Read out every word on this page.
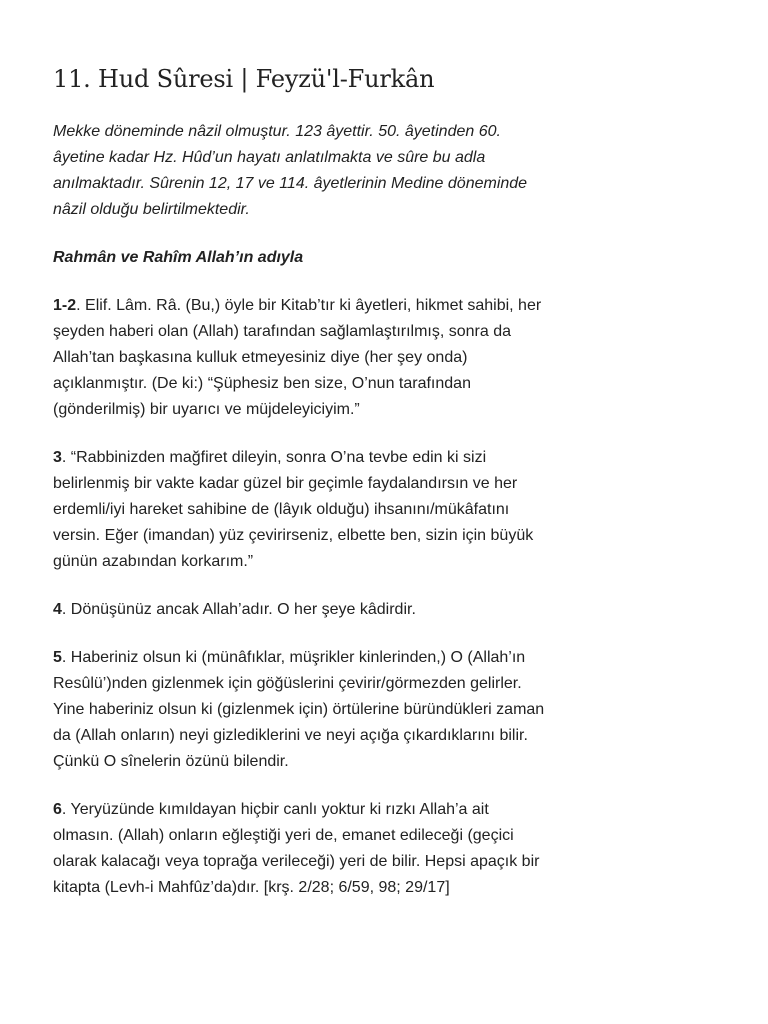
11. Hud Sûresi | Feyzü'l-Furkân

Mekke döneminde nâzil olmuştur. 123 âyettir. 50. âyetinden 60. âyetine kadar Hz. Hûd’un hayatı anlatılmakta ve sûre bu adla anılmaktadır. Sûrenin 12, 17 ve 114. âyetlerinin Medine döneminde nâzil olduğu belirtilmektedir.

Rahmân ve Rahîm Allah’ın adıyla

1-2. Elif. Lâm. Râ. (Bu,) öyle bir Kitab’tır ki âyetleri, hikmet sahibi, her şeyden haberi olan (Allah) tarafından sağlamlaştırılmış, sonra da Allah’tan başkasına kulluk etmeyesiniz diye (her şey onda) açıklanmıştır. (De ki:) “Şüphesiz ben size, O’nun tarafından (gönderilmiş) bir uyarıcı ve müjdeleyiciyim.”

3. “Rabbinizden mağfiret dileyin, sonra O’na tevbe edin ki sizi belirlenmiş bir vakte kadar güzel bir geçimle faydalandırsın ve her erdemli/iyi hareket sahibine de (lâyık olduğu) ihsanını/mükâfatını versin. Eğer (imandan) yüz çevirirseniz, elbette ben, sizin için büyük günün azabından korkarım.”

4. Dönüşünüz ancak Allah’adır. O her şeye kâdirdir.

5. Haberiniz olsun ki (münâfıklar, müşrikler kinlerinden,) O (Allah’ın Resûlü’)nden gizlenmek için göğüslerini çevirir/görmezden gelirler. Yine haberiniz olsun ki (gizlenmek için) örtülerine büründükleri zaman da (Allah onların) neyi gizlediklerini ve neyi açığa çıkardıklarını bilir. Çünkü O sînelerin özünü bilendir.

6. Yeryüzünde kımıldayan hiçbir canlı yoktur ki rızkı Allah’a ait olmasın. (Allah) onların eğleştiği yeri de, emanet edileceği (geçici olarak kalacağı veya toprağa verileceği) yeri de bilir. Hepsi apaçık bir kitapta (Levh-i Mahfûz’da)dır. [krş. 2/28; 6/59, 98; 29/17]
